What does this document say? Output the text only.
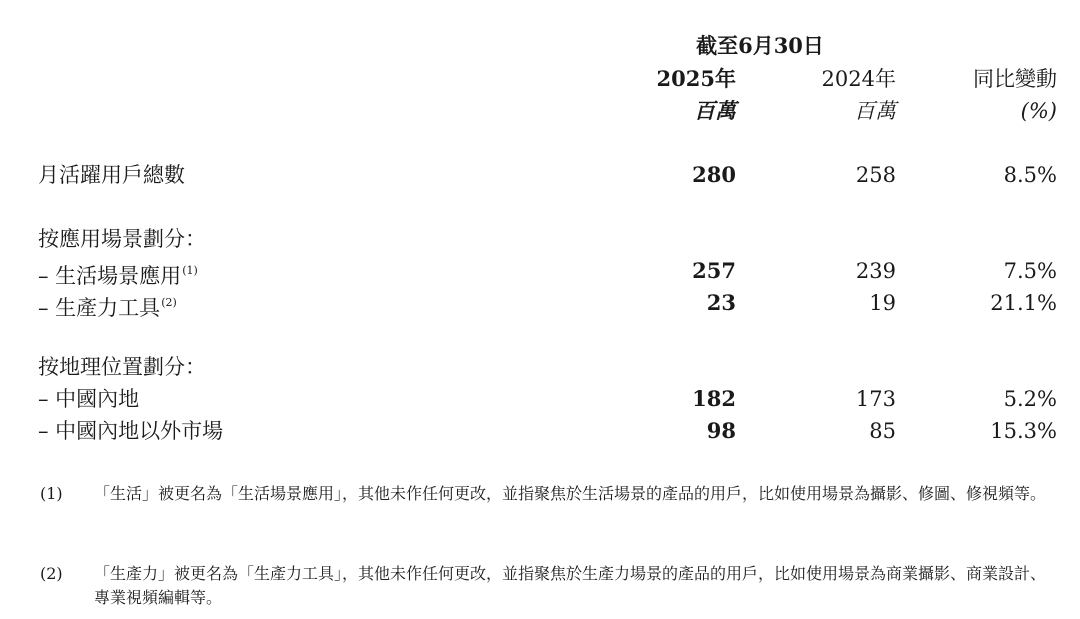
截至6月30日
2025年	2024年	同比變動
百萬	百萬	(%)
月活躍用戶總數	280	258	8.5%
按應用場景劃分：
– 生活場景應用$^{(1)}$	257	239	7.5%
– 生產力工具$^{(2)}$	23	19	21.1%
按地理位置劃分：
– 中國內地	182	173	5.2%
– 中國內地以外市場	98	85	15.3%
(1) 「生活」被更名為「生活場景應用」，其他未作任何更改，並指聚焦於生活場景的產品的用戶，比如使用場景為攝影、修圖、修視頻等。
(2) 「生產力」被更名為「生產力工具」，其他未作任何更改，並指聚焦於生產力場景的產品的用戶，比如使用場景為商業攝影、商業設計、專業視頻編輯等。
